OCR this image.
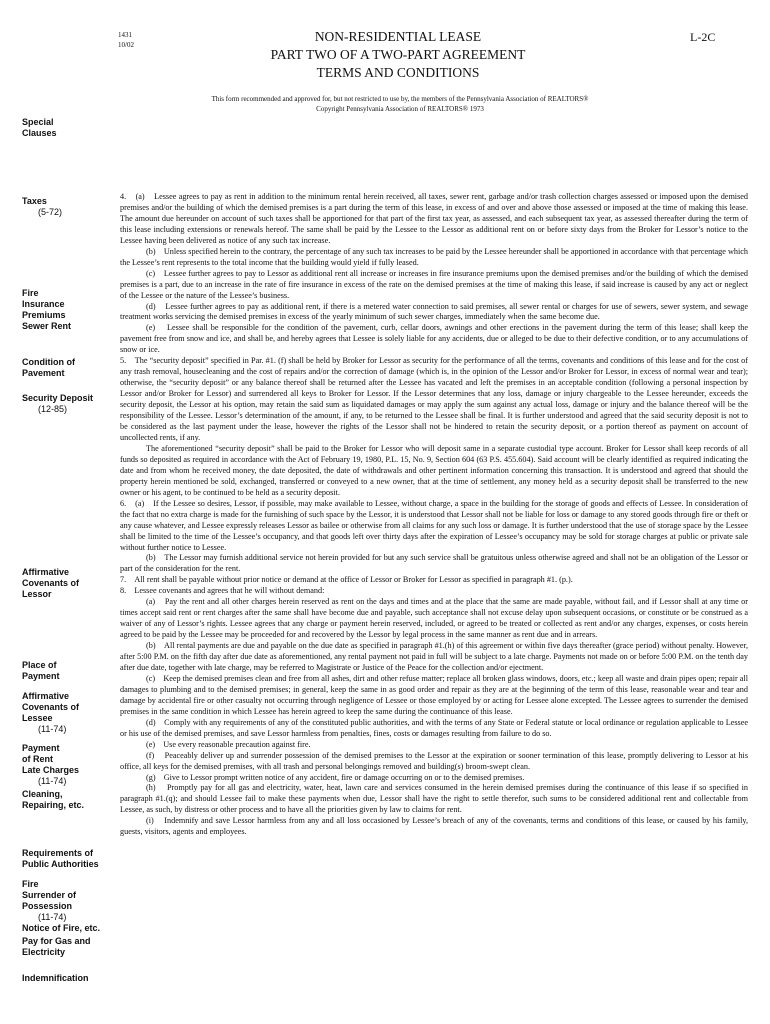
1431
10/02
L-2C
NON-RESIDENTIAL LEASE
PART TWO OF A TWO-PART AGREEMENT
TERMS AND CONDITIONS
This form recommended and approved for, but not restricted to use by, the members of the Pennsylvania Association of REALTORS®
Copyright Pennsylvania Association of REALTORS® 1973
Special
Clauses
Taxes
(5-72)
Fire
Insurance
Premiums
Sewer Rent
Condition of
Pavement
Security Deposit
(12-85)
Affirmative
Covenants of
Lessor
Place of
Payment
Affirmative
Covenants of
Lessee
(11-74)
Payment
of Rent
Late Charges
(11-74)
Cleaning,
Repairing, etc.
Requirements of
Public Authorities
Fire
Surrender of
Possession
(11-74)
Notice of Fire, etc.
Pay for Gas and
Electricity
Indemnification

4.    (a)    Lessee agrees to pay as rent in addition to the minimum rental herein received, all taxes, sewer rent, garbage and/or trash collection charges assessed or imposed upon the demised premises and/or the building of which the demised premises is a part during the term of this lease, in excess of and over and above those assessed or imposed at the time of making this lease. The amount due hereunder on account of such taxes shall be apportioned for that part of the first tax year, as assessed, and each subsequent tax year, as assessed thereafter during the term of this lease including extensions or renewals hereof. The same shall be paid by the Lessee to the Lessor as additional rent on or before sixty days from the Broker for Lessor’s notice to the Lessee having been delivered as notice of any such tax increase.

(b)    Unless specified herein to the contrary, the percentage of any such tax increases to be paid by the Lessee hereunder shall be apportioned in accordance with that percentage which the Lessee’s rent represents to the total income that the building would yield if fully leased.

(c)    Lessee further agrees to pay to Lessor as additional rent all increase or increases in fire insurance premiums upon the demised premises and/or the building of which the demised premises is a part, due to an increase in the rate of fire insurance in excess of the rate on the demised premises at the time of making this lease, if said increase is caused by any act or neglect of the Lessee or the nature of the Lessee’s business.

(d)    Lessee further agrees to pay as additional rent, if there is a metered water connection to said premises, all sewer rental or charges for use of sewers, sewer system, and sewage treatment works servicing the demised premises in excess of the yearly minimum of such sewer charges, immediately when the same become due.

(e)    Lessee shall be responsible for the condition of the pavement, curb, cellar doors, awnings and other erections in the pavement during the term of this lease; shall keep the pavement free from snow and ice, and shall be, and hereby agrees that Lessee is solely liable for any accidents, due or alleged to be due to their defective condition, or to any accumulations of snow or ice.

5.    The “security deposit” specified in Par. #1. (f) shall be held by Broker for Lessor as security for the performance of all the terms, covenants and conditions of this lease and for the cost of any trash removal, housecleaning and the cost of repairs and/or the correction of damage (which is, in the opinion of the Lessor and/or Broker for Lessor, in excess of normal wear and tear); otherwise, the “security deposit” or any balance thereof shall be returned after the Lessee has vacated and left the premises in an acceptable condition (following a personal inspection by Lessor and/or Broker for Lessor) and surrendered all keys to Broker for Lessor. If the Lessor determines that any loss, damage or injury chargeable to the Lessee hereunder, exceeds the security deposit, the Lessor at his option, may retain the said sum as liquidated damages or may apply the sum against any actual loss, damage or injury and the balance thereof will be the responsibility of the Lessee. Lessor’s determination of the amount, if any, to be returned to the Lessee shall be final. It is further understood and agreed that the said security deposit is not to be considered as the last payment under the lease, however the rights of the Lessor shall not be hindered to retain the security deposit, or a portion thereof as payment on account of uncollected rents, if any.

The aforementioned “security deposit” shall be paid to the Broker for Lessor who will deposit same in a separate custodial type account. Broker for Lessor shall keep records of all funds so deposited as required in accordance with the Act of February 19, 1980, P.L. 15, No. 9, Section 604 (63 P.S. 455.604). Said account will be clearly identified as required indicating the date and from whom he received money, the date deposited, the date of withdrawals and other pertinent information concerning this transaction. It is understood and agreed that should the property herein mentioned be sold, exchanged, transferred or conveyed to a new owner, that at the time of settlement, any money held as a security deposit shall be transferred to the new owner or his agent, to be continued to be held as a security deposit.

6.    (a)    If the Lessee so desires, Lessor, if possible, may make available to Lessee, without charge, a space in the building for the storage of goods and effects of Lessee. In consideration of the fact that no extra charge is made for the furnishing of such space by the Lessor, it is understood that Lessor shall not be liable for loss or damage to any stored goods through fire or theft or any cause whatever, and Lessee expressly releases Lessor as bailee or otherwise from all claims for any such loss or damage. It is further understood that the use of storage space by the Lessee shall be limited to the time of the Lessee’s occupancy, and that goods left over thirty days after the expiration of Lessee’s occupancy may be sold for storage charges at public or private sale without further notice to Lessee.

(b)    The Lessor may furnish additional service not herein provided for but any such service shall be gratuitous unless otherwise agreed and shall not be an obligation of the Lessor or part of the consideration for the rent.

7.    All rent shall be payable without prior notice or demand at the office of Lessor or Broker for Lessor as specified in paragraph #1. (p.).

8.    Lessee covenants and agrees that he will without demand:

(a)    Pay the rent and all other charges herein reserved as rent on the days and times and at the place that the same are made payable, without fail, and if Lessor shall at any time or times accept said rent or rent charges after the same shall have become due and payable, such acceptance shall not excuse delay upon subsequent occasions, or constitute or be construed as a waiver of any of Lessor’s rights. Lessee agrees that any charge or payment herein reserved, included, or agreed to be treated or collected as rent and/or any charges, expenses, or costs herein agreed to be paid by the Lessee may be proceeded for and recovered by the Lessor by legal process in the same manner as rent due and in arrears.

(b)    All rental payments are due and payable on the due date as specified in paragraph #1.(h) of this agreement or within five days thereafter (grace period) without penalty. However, after 5:00 P.M. on the fifth day after due date as aforementioned, any rental payment not paid in full will be subject to a late charge. Payments not made on or before 5:00 P.M. on the tenth day after due date, together with late charge, may be referred to Magistrate or Justice of the Peace for the collection and/or ejectment.

(c)    Keep the demised premises clean and free from all ashes, dirt and other refuse matter; replace all broken glass windows, doors, etc.; keep all waste and drain pipes open; repair all damages to plumbing and to the demised premises; in general, keep the same in as good order and repair as they are at the beginning of the term of this lease, reasonable wear and tear and damage by accidental fire or other casualty not occurring through negligence of Lessee or those employed by or acting for Lessee alone excepted. The Lessee agrees to surrender the demised premises in the same condition in which Lessee has herein agreed to keep the same during the continuance of this lease.

(d)    Comply with any requirements of any of the constituted public authorities, and with the terms of any State or Federal statute or local ordinance or regulation applicable to Lessee or his use of the demised premises, and save Lessor harmless from penalties, fines, costs or damages resulting from failure to do so.

(e)    Use every reasonable precaution against fire.

(f)    Peaceably deliver up and surrender possession of the demised premises to the Lessor at the expiration or sooner termination of this lease, promptly delivering to Lessor at his office, all keys for the demised premises, with all trash and personal belongings removed and building(s) broom-swept clean.

(g)    Give to Lessor prompt written notice of any accident, fire or damage occurring on or to the demised premises.

(h)    Promptly pay for all gas and electricity, water, heat, lawn care and services consumed in the herein demised premises during the continuance of this lease if so specified in paragraph #1.(q); and should Lessee fail to make these payments when due, Lessor shall have the right to settle therefor, such sums to be considered additional rent and collectable from Lessee, as such, by distress or other process and to have all the priorities given by law to claims for rent.

(i)    Indemnify and save Lessor harmless from any and all loss occasioned by Lessee’s breach of any of the covenants, terms and conditions of this lease, or caused by his family, guests, visitors, agents and employees.
